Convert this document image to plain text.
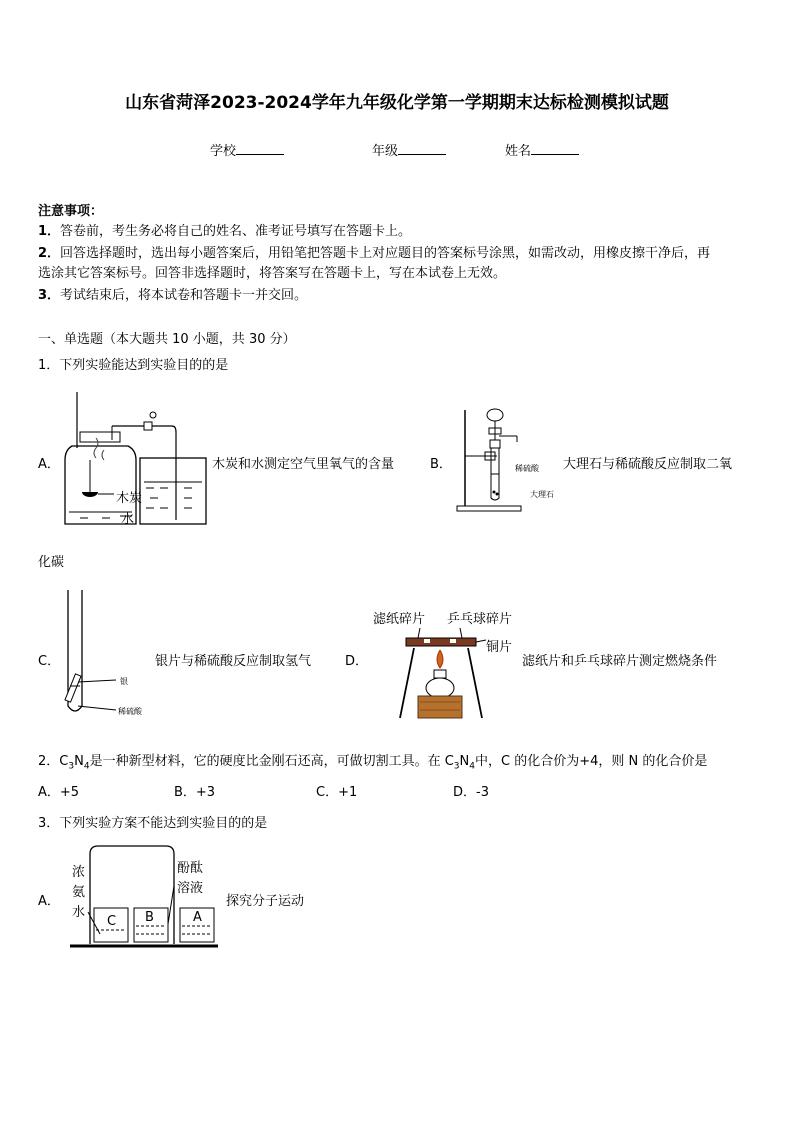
山东省菏泽2023-2024学年九年级化学第一学期期末达标检测模拟试题
学校	年级	姓名
注意事项：
1．答卷前，考生务必将自己的姓名、准考证号填写在答题卡上。
2．回答选择题时，选出每小题答案后，用铅笔把答题卡上对应题目的答案标号涂黑，如需改动，用橡皮擦干净后，再
选涂其它答案标号。回答非选择题时，将答案写在答题卡上，写在本试卷上无效。
3．考试结束后，将本试卷和答题卡一并交回。
一、单选题（本大题共 10 小题，共 30 分）
1．下列实验能达到实验目的的是
A．
木炭
水
木炭和水测定空气里氧气的含量	B．	稀硫酸
大理石
大理石与稀硫酸反应制取二氧
化碳
C．
银
稀硫酸
银片与稀硫酸反应制取氢气	D．
滤纸碎片 乒乓球碎片
铜片
滤纸片和乒乓球碎片测定燃烧条件
2．$C_3N_4$是一种新型材料，它的硬度比金刚石还高，可做切割工具。在 $C_3N_4$中，C 的化合价为+4，则 N 的化合价是
A．+5	B．+3	C．+1	D．-3
3．下列实验方案不能达到实验目的的是
A．
浓
氨
水
酚酞
溶液
C B	A
探究分子运动
